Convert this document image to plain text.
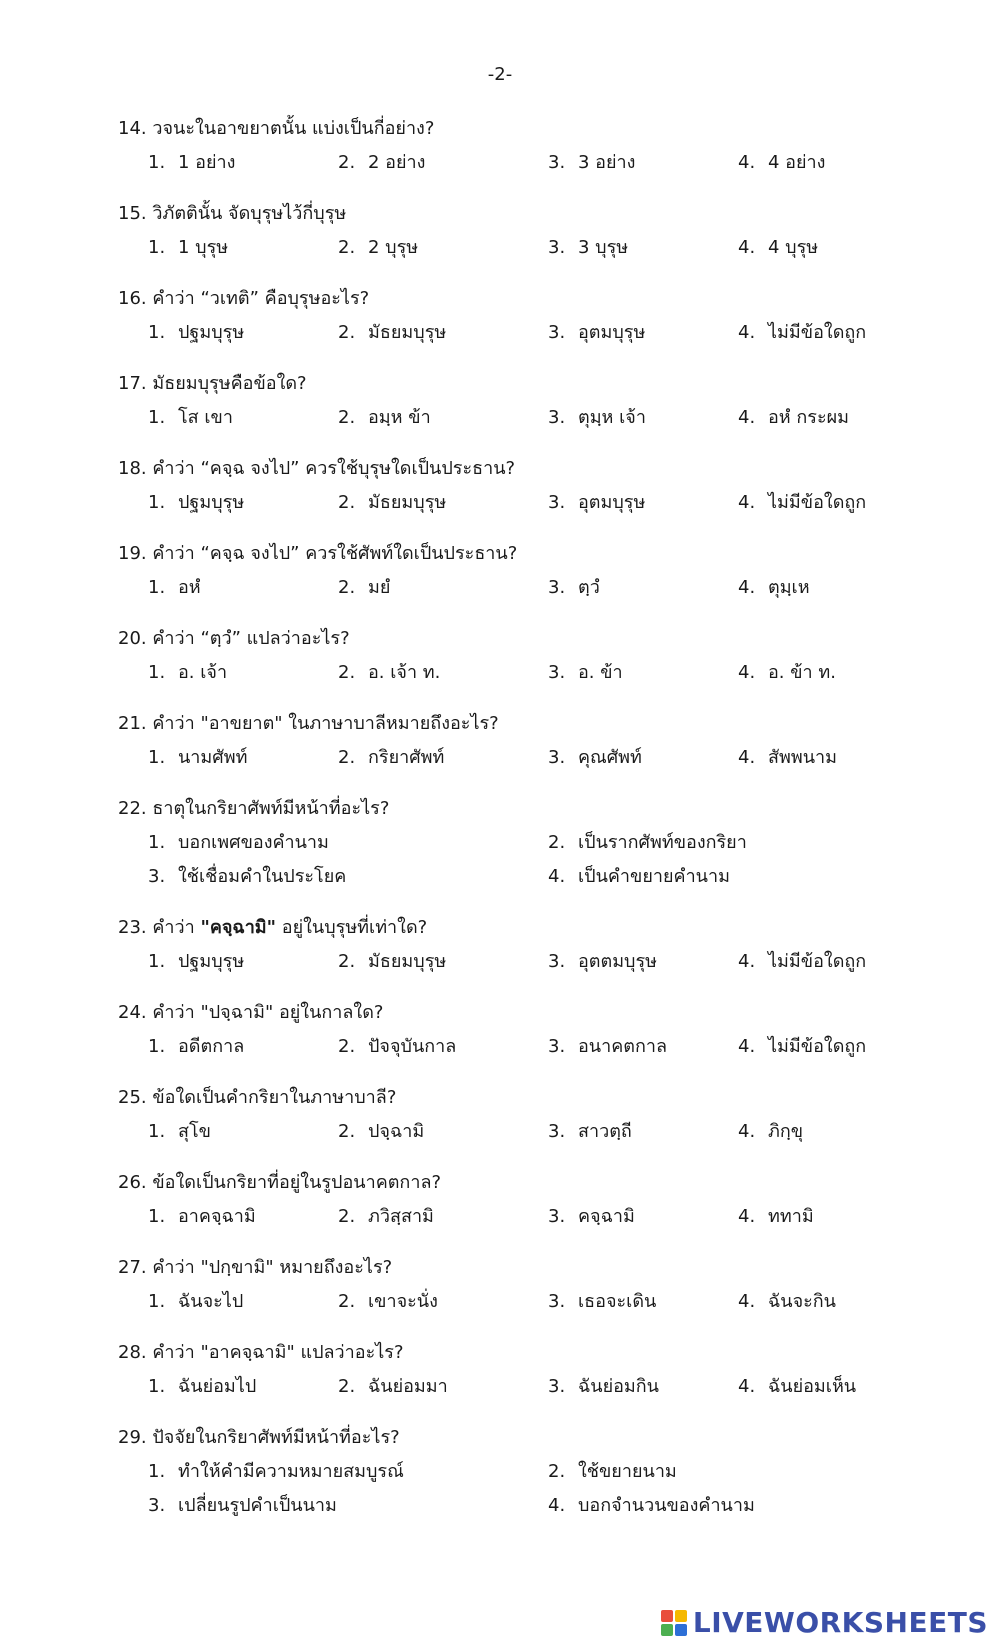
-2-
14. วจนะในอาขยาตนั้น แบ่งเป็นกี่อย่าง?
1. 1 อย่าง	2. 2 อย่าง	3. 3 อย่าง	4. 4 อย่าง
15. วิภัตตินั้น จัดบุรุษไว้กี่บุรุษ
1. 1 บุรุษ	2. 2 บุรุษ	3. 3 บุรุษ	4. 4 บุรุษ
16. คำว่า “วเทติ” คือบุรุษอะไร?
1. ปฐมบุรุษ	2. มัธยมบุรุษ	3. อุตมบุรุษ	4. ไม่มีข้อใดถูก
17. มัธยมบุรุษคือข้อใด?
1. โส เขา	2. อมฺห ข้า	3. ตุมฺห เจ้า	4. อหํ กระผม
18. คำว่า “คจฺฉ จงไป” ควรใช้บุรุษใดเป็นประธาน?
1. ปฐมบุรุษ	2. มัธยมบุรุษ	3. อุตมบุรุษ	4. ไม่มีข้อใดถูก
19. คำว่า “คจฺฉ จงไป” ควรใช้ศัพท์ใดเป็นประธาน?
1. อหํ	2. มยํ	3. ตฺวํ	4. ตุมฺเห
20. คำว่า “ตฺวํ” แปลว่าอะไร?
1. อ. เจ้า	2. อ. เจ้า ท.	3. อ. ข้า	4. อ. ข้า ท.
21. คำว่า "อาขยาต" ในภาษาบาลีหมายถึงอะไร?
1. นามศัพท์	2. กริยาศัพท์	3. คุณศัพท์	4. สัพพนาม
22. ธาตุในกริยาศัพท์มีหน้าที่อะไร?
1. บอกเพศของคำนาม	2. เป็นรากศัพท์ของกริยา
3. ใช้เชื่อมคำในประโยค	4. เป็นคำขยายคำนาม
23. คำว่า "คจฺฉามิ" อยู่ในบุรุษที่เท่าใด?
1. ปฐมบุรุษ	2. มัธยมบุรุษ	3. อุตตมบุรุษ	4. ไม่มีข้อใดถูก
24. คำว่า "ปจฺฉามิ" อยู่ในกาลใด?
1. อดีตกาล	2. ปัจจุบันกาล	3. อนาคตกาล	4. ไม่มีข้อใดถูก
25. ข้อใดเป็นคำกริยาในภาษาบาลี?
1. สุโข	2. ปจฺฉามิ	3. สาวตฺถี	4. ภิกฺขุ
26. ข้อใดเป็นกริยาที่อยู่ในรูปอนาคตกาล?
1. อาคจฺฉามิ	2. ภวิสฺสามิ	3. คจฺฉามิ	4. ททามิ
27. คำว่า "ปกฺขามิ" หมายถึงอะไร?
1. ฉันจะไป	2. เขาจะนั่ง	3. เธอจะเดิน	4. ฉันจะกิน
28. คำว่า "อาคจฺฉามิ" แปลว่าอะไร?
1. ฉันย่อมไป	2. ฉันย่อมมา	3. ฉันย่อมกิน	4. ฉันย่อมเห็น
29. ปัจจัยในกริยาศัพท์มีหน้าที่อะไร?
1. ทำให้คำมีความหมายสมบูรณ์	2. ใช้ขยายนาม
3. เปลี่ยนรูปคำเป็นนาม	4. บอกจำนวนของคำนาม
LIVEWORKSHEETS
